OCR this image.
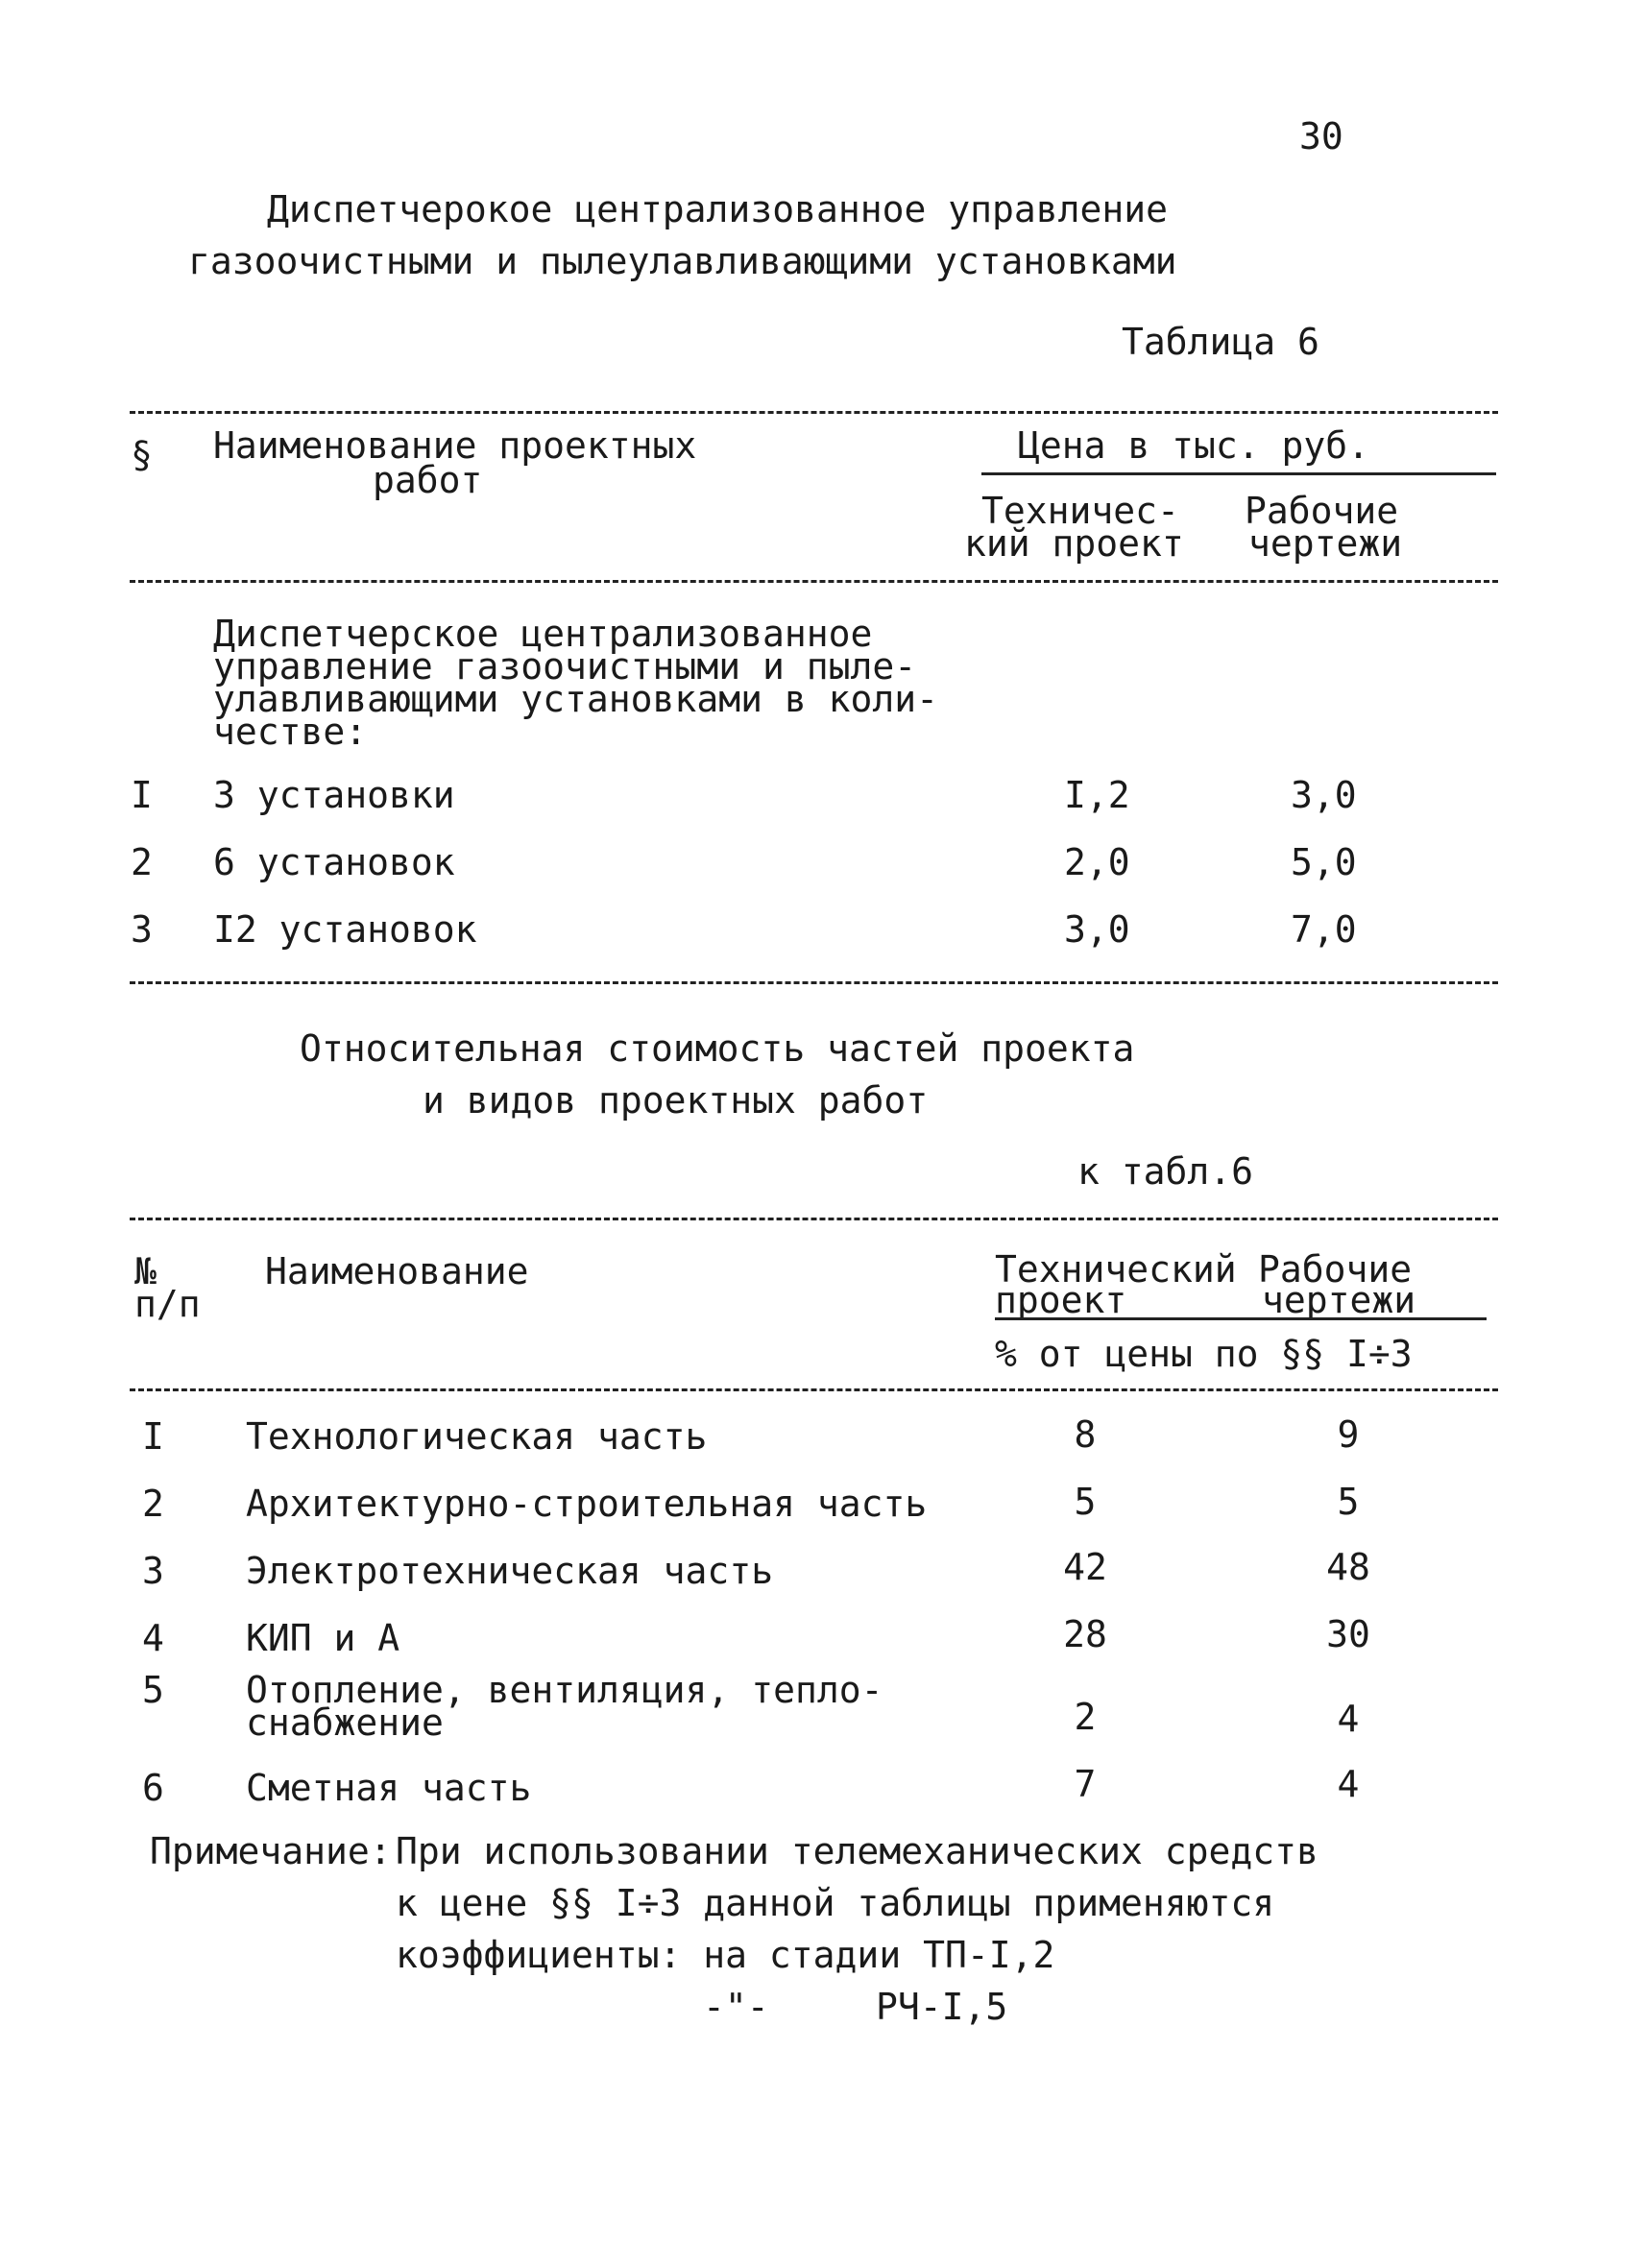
30
Диспетчерокое централизованное управление
газоочистными и пылеулавливающими установками
Таблица 6
§ Наименование проектных
работ
Цена в тыс. руб.
Техничес-
кий проект
Рабочие
чертежи
Диспетчерское централизованное
управление газоочистными и пыле-
улавливающими установками в коли-
честве:
I 3 установки	I,2	3,0
2 6 установок	2,0	5,0
3 I2 установок	3,0	7,0
Относительная стоимость частей проекта
и видов проектных работ
к табл.6
№
п/п
Наименование	Технический
проект
Рабочие
чертежи
% от цены по §§ I÷3
I Технологическая часть	8	9
2 Архитектурно-строительная часть	5	5
3 Электротехническая часть	42	48
4 КИП и А	28	30
5 Отопление, вентиляция, тепло-
снабжение	2	4
6 Сметная часть	7	4
Примечание: При использовании телемеханических средств
к цене §§ I÷3 данной таблицы применяются
коэффициенты: на стадии ТП-I,2
-"-	РЧ-I,5
